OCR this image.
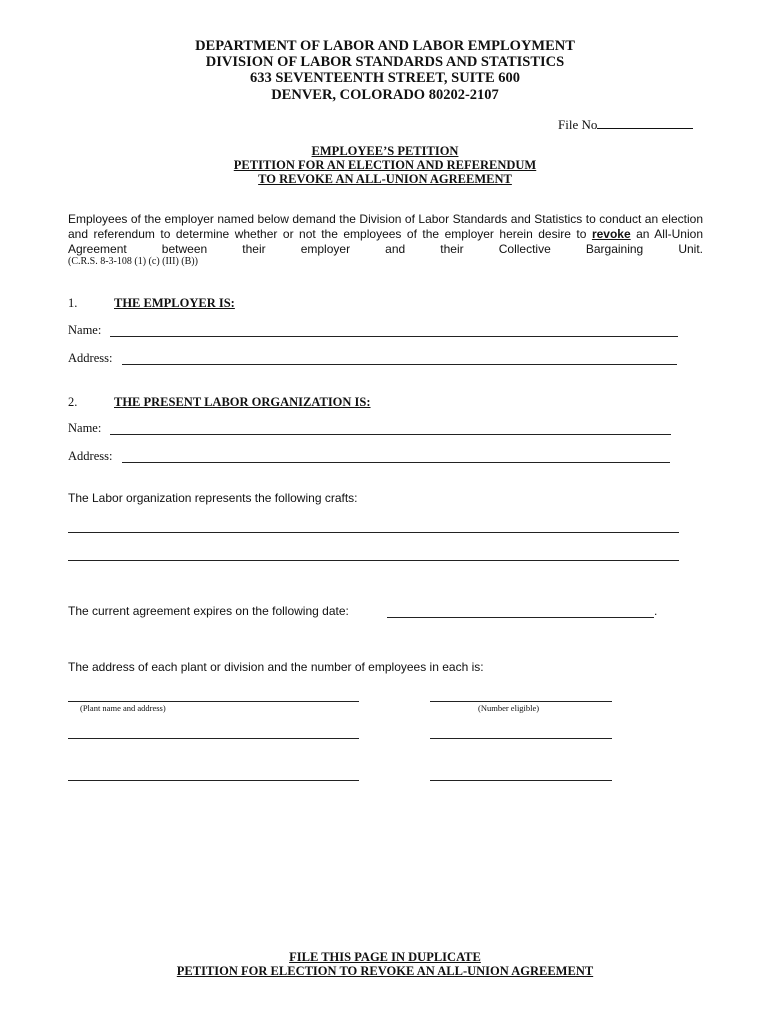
DEPARTMENT OF LABOR AND LABOR EMPLOYMENT
DIVISION OF LABOR STANDARDS AND STATISTICS
633 SEVENTEENTH STREET, SUITE 600
DENVER, COLORADO 80202-2107
File No
EMPLOYEE’S PETITION
PETITION FOR AN ELECTION AND REFERENDUM
TO REVOKE AN ALL-UNION AGREEMENT
Employees of the employer named below demand the Division of Labor Standards and Statistics to conduct an election and referendum to determine whether or not the employees of the employer herein desire to revoke an All-Union Agreement between their employer and their Collective Bargaining Unit.
(C.R.S. 8-3-108 (1) (c) (III) (B))
1.	THE EMPLOYER IS:
Name:
Address:
2.	THE PRESENT LABOR ORGANIZATION IS:
Name:
Address:
The Labor organization represents the following crafts:
The current agreement expires on the following date:	.
The address of each plant or division and the number of employees in each is:
(Plant name and address)	(Number eligible)
FILE THIS PAGE IN DUPLICATE
PETITION FOR ELECTION TO REVOKE AN ALL-UNION AGREEMENT
